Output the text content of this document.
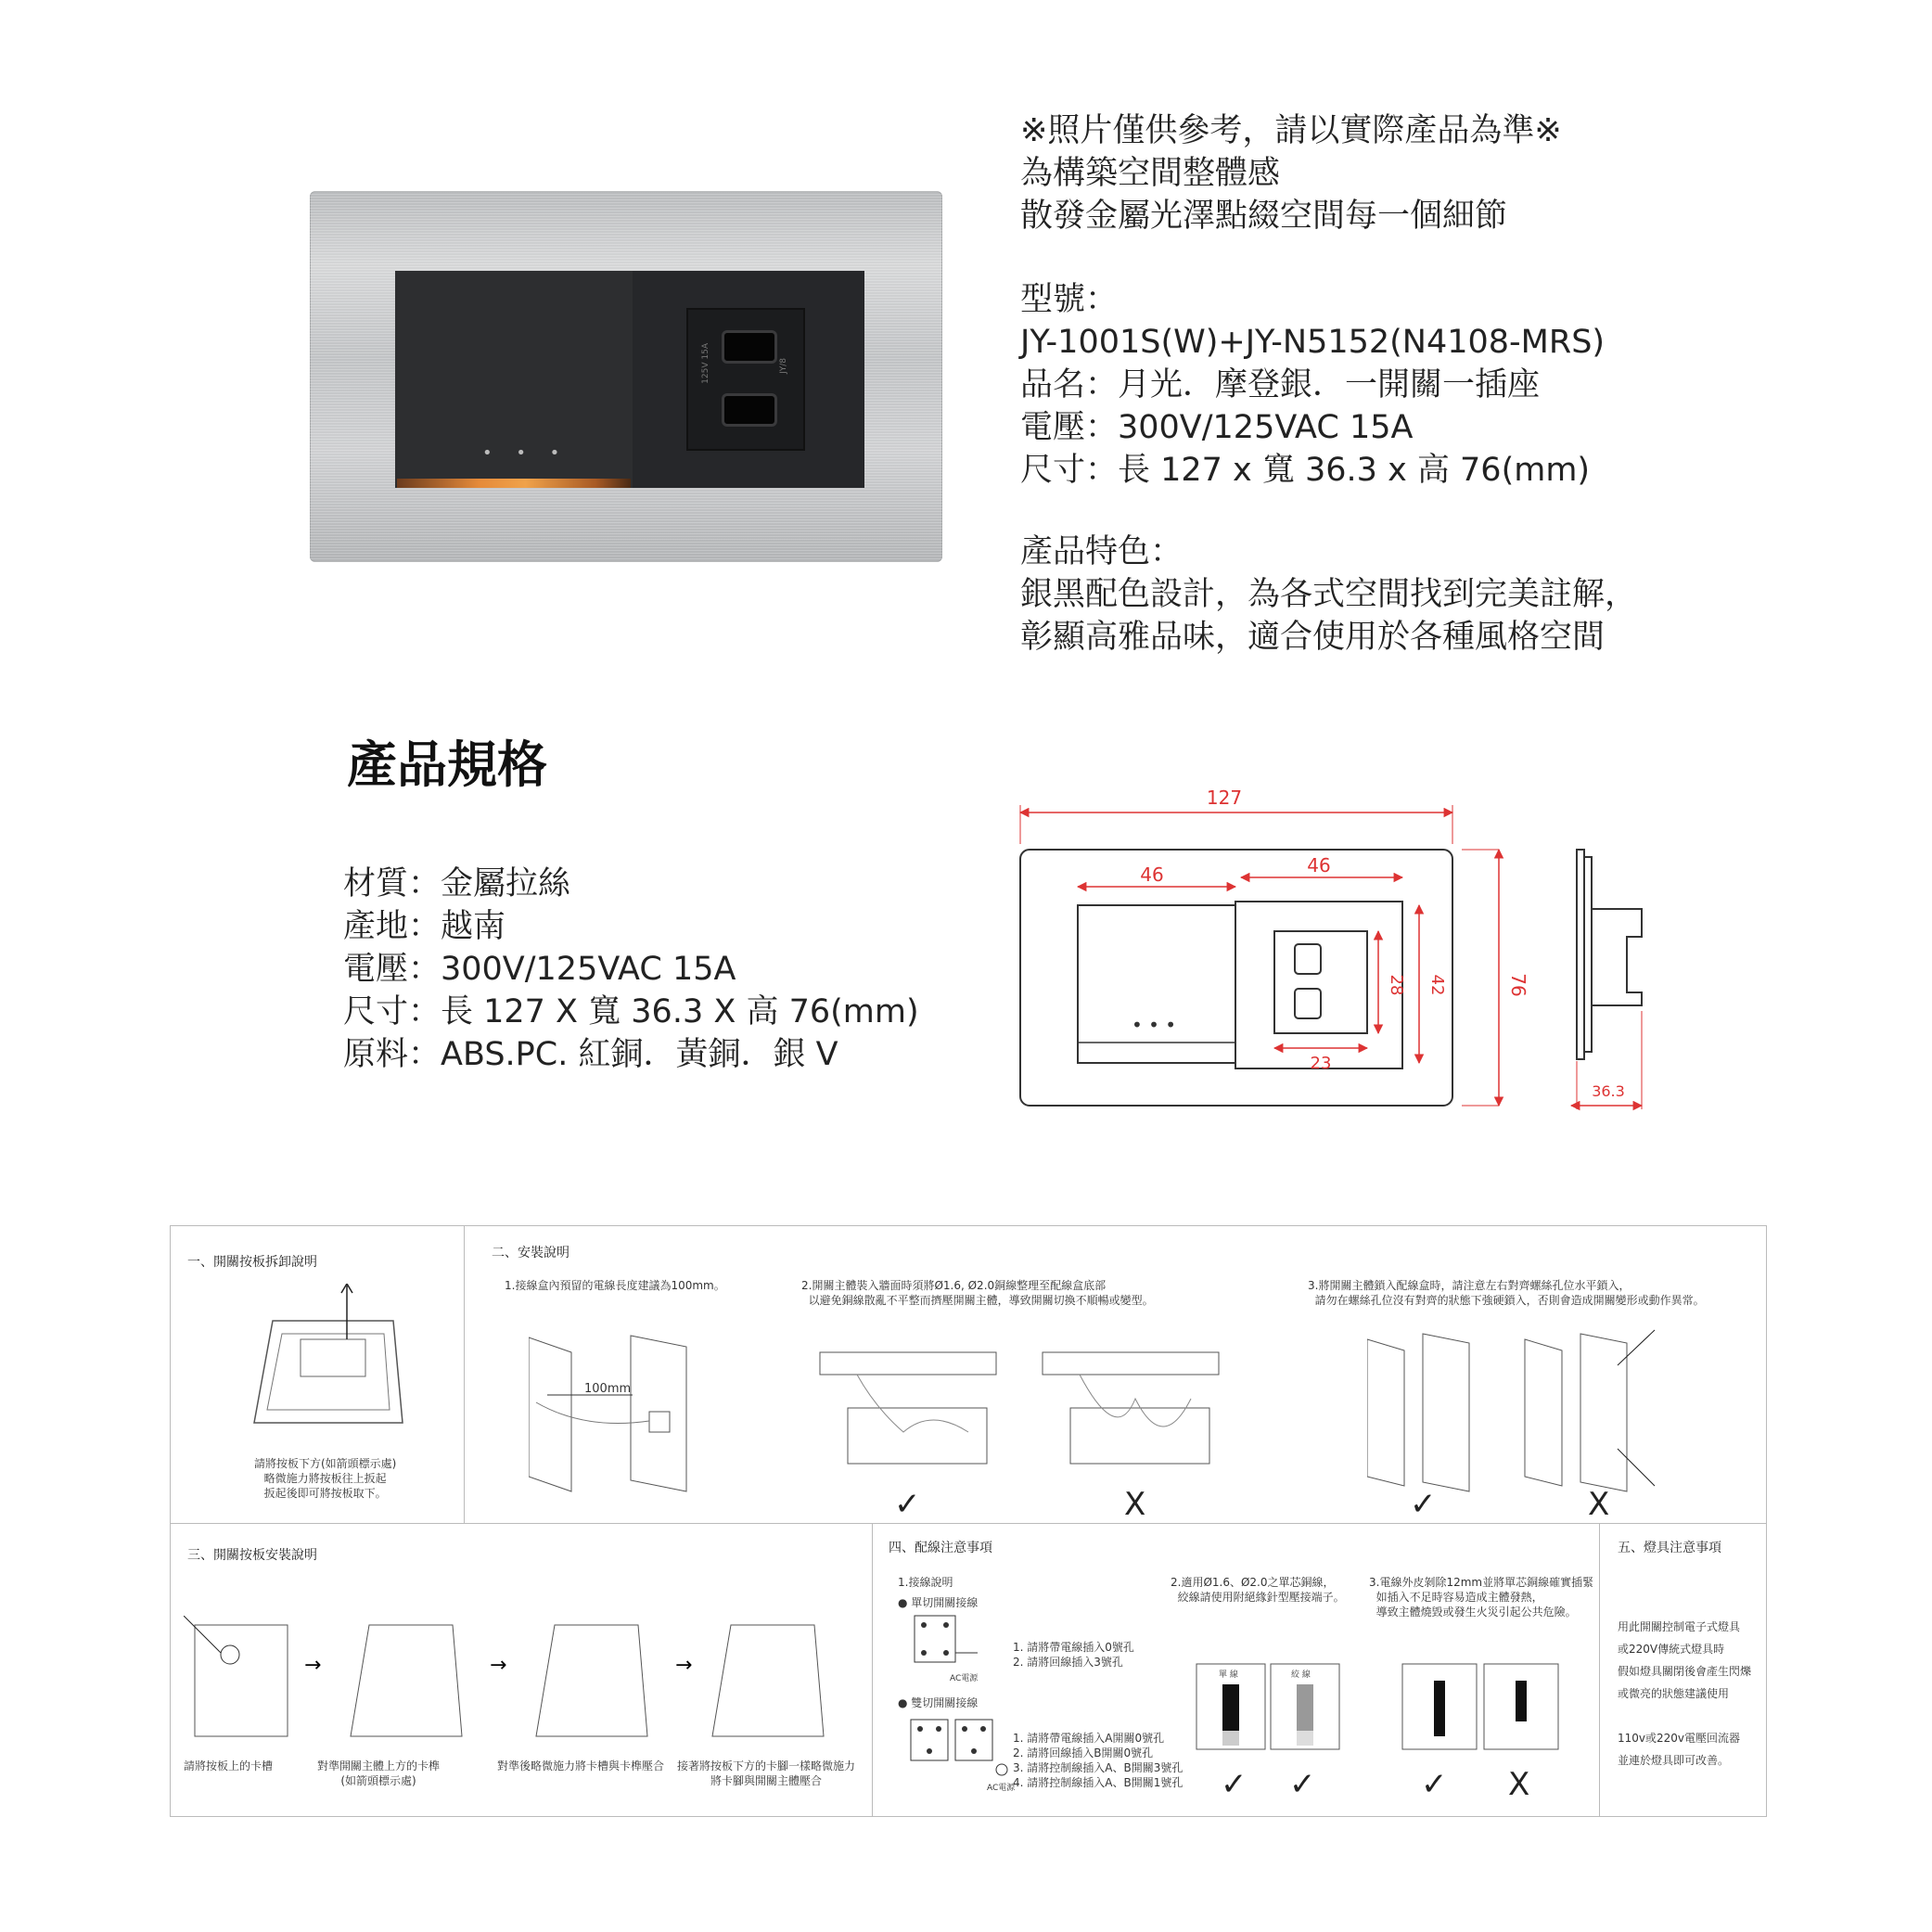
• • •
125V 15A	JY/8
※照片僅供參考，請以實際產品為準※
為構築空間整體感
散發金屬光澤點綴空間每一個細節
型號：
JY-1001S(W)+JY-N5152(N4108-MRS)
品名：月光．摩登銀．一開關一插座
電壓：300V/125VAC 15A
尺寸：長 127 x 寬 36.3 x 高 76(mm)
產品特色：
銀黑配色設計，為各式空間找到完美註解，
彰顯高雅品味，適合使用於各種風格空間
產品規格
材質：金屬拉絲
產地：越南
電壓：300V/125VAC 15A
尺寸：長 127 X 寬 36.3 X 高 76(mm)
原料：ABS.PC. 紅銅．黃銅．銀 V
• • •
127
46	46
23
28 42	76
36.3
一、開關按板拆卸說明
請將按板下方(如箭頭標示處)
略微施力將按板往上扳起
扳起後即可將按板取下。
二、安裝說明
1.接線盒內預留的電線長度建議為100mm。	2.開關主體裝入牆面時須將Ø1.6, Ø2.0銅線整理至配線盒底部
以避免銅線散亂不平整而擠壓開關主體，導致開關切換不順暢或變型。
3.將開關主體鎖入配線盒時，請注意左右對齊螺絲孔位水平鎖入，
請勿在螺絲孔位沒有對齊的狀態下強硬鎖入，否則會造成開關變形或動作異常。
100mm
✓	X	✓	X
三、開關按板安裝說明
→	→	→
請將按板上的卡槽	對準開關主體上方的卡榫
(如箭頭標示處)
對準後略微施力將卡槽與卡榫壓合 接著將按板下方的卡腳一樣略微施力
將卡腳與開關主體壓合
四、配線注意事項
1.接線說明
● 單切開關接線
AC電源
1. 請將帶電線插入0號孔
2. 請將回線插入3號孔
● 雙切開關接線
AC電源
1. 請將帶電線插入A開關0號孔
2. 請將回線插入B開關0號孔
3. 請將控制線插入A、B開關3號孔
4. 請將控制線插入A、B開關1號孔
2.適用Ø1.6、Ø2.0之單芯銅線，
絞線請使用附絕緣針型壓接端子。
3.電線外皮剝除12mm並將單芯銅線確實插緊
如插入不足時容易造成主體發熱，
導致主體燒毀或發生火災引起公共危險。
單 線	絞 線
✓ ✓	✓ X
五、燈具注意事項
用此開關控制電子式燈具
或220V傳統式燈具時
假如燈具關閉後會產生閃爍
或微亮的狀態建議使用

110v或220v電壓回流器
並連於燈具即可改善。
